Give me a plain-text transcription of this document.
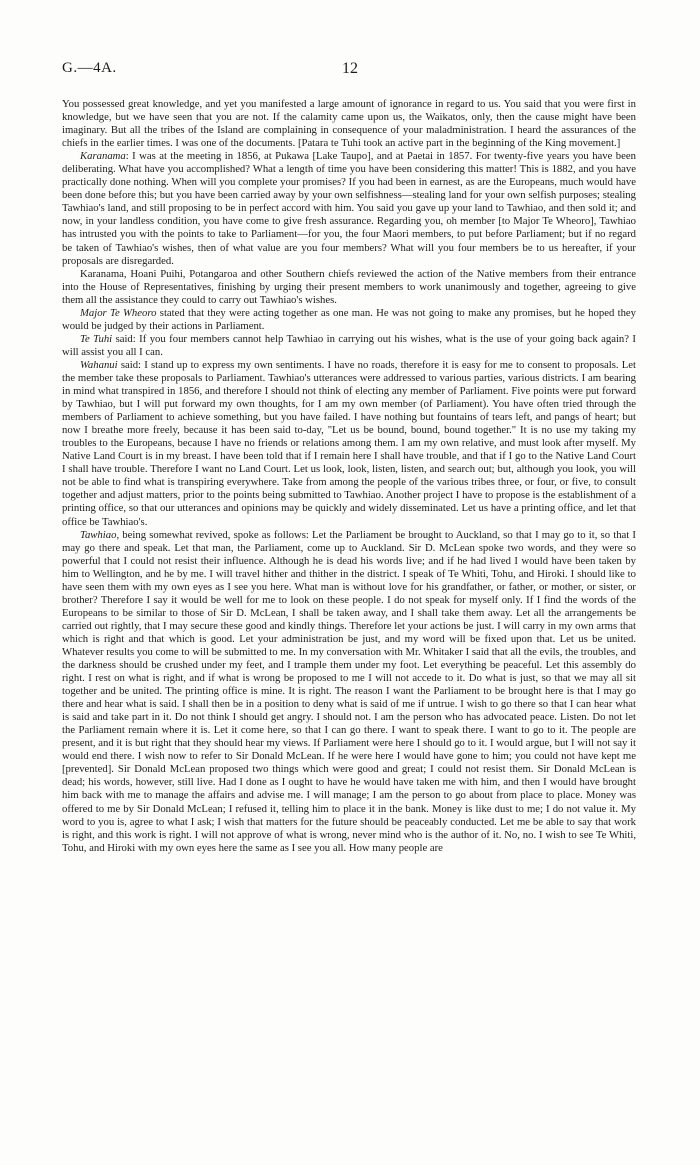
G.—4A.	12

You possessed great knowledge, and yet you manifested a large amount of ignorance in regard to us. You said that you were first in knowledge, but we have seen that you are not. If the calamity came upon us, the Waikatos, only, then the cause might have been imaginary. But all the tribes of the Island are complaining in consequence of your maladministration. I heard the assurances of the chiefs in the earlier times. I was one of the documents. [Patara te Tuhi took an active part in the beginning of the King movement.]

Karanama: I was at the meeting in 1856, at Pukawa [Lake Taupo], and at Paetai in 1857. For twenty-five years you have been deliberating. What have you accomplished? What a length of time you have been considering this matter! This is 1882, and you have practically done nothing. When will you complete your promises? If you had been in earnest, as are the Europeans, much would have been done before this; but you have been carried away by your own selfishness—stealing land for your own selfish purposes; stealing Tawhiao's land, and still proposing to be in perfect accord with him. You said you gave up your land to Tawhiao, and then sold it; and now, in your landless condition, you have come to give fresh assurance. Regarding you, oh member [to Major Te Wheoro], Tawhiao has intrusted you with the points to take to Parliament—for you, the four Maori members, to put before Parliament; but if no regard be taken of Tawhiao's wishes, then of what value are you four members? What will you four members be to us hereafter, if your proposals are disregarded.

Karanama, Hoani Puihi, Potangaroa and other Southern chiefs reviewed the action of the Native members from their entrance into the House of Representatives, finishing by urging their present members to work unanimously and together, agreeing to give them all the assistance they could to carry out Tawhiao's wishes.

Major Te Wheoro stated that they were acting together as one man. He was not going to make any promises, but he hoped they would be judged by their actions in Parliament.

Te Tuhi said: If you four members cannot help Tawhiao in carrying out his wishes, what is the use of your going back again? I will assist you all I can.

Wahanui said: I stand up to express my own sentiments. I have no roads, therefore it is easy for me to consent to proposals. Let the member take these proposals to Parliament. Tawhiao's utterances were addressed to various parties, various districts. I am bearing in mind what transpired in 1856, and therefore I should not think of electing any member of Parliament. Five points were put forward by Tawhiao, but I will put forward my own thoughts, for I am my own member (of Parliament). You have often tried through the members of Parliament to achieve something, but you have failed. I have nothing but fountains of tears left, and pangs of heart; but now I breathe more freely, because it has been said to-day, "Let us be bound, bound, bound together." It is no use my taking my troubles to the Europeans, because I have no friends or relations among them. I am my own relative, and must look after myself. My Native Land Court is in my breast. I have been told that if I remain here I shall have trouble, and that if I go to the Native Land Court I shall have trouble. Therefore I want no Land Court. Let us look, look, listen, listen, and search out; but, although you look, you will not be able to find what is transpiring everywhere. Take from among the people of the various tribes three, or four, or five, to consult together and adjust matters, prior to the points being submitted to Tawhiao. Another project I have to propose is the establishment of a printing office, so that our utterances and opinions may be quickly and widely disseminated. Let us have a printing office, and let that office be Tawhiao's.

Tawhiao, being somewhat revived, spoke as follows: Let the Parliament be brought to Auckland, so that I may go to it, so that I may go there and speak. Let that man, the Parliament, come up to Auckland. Sir D. McLean spoke two words, and they were so powerful that I could not resist their influence. Although he is dead his words live; and if he had lived I would have been taken by him to Wellington, and he by me. I will travel hither and thither in the district. I speak of Te Whiti, Tohu, and Hiroki. I should like to have seen them with my own eyes as I see you here. What man is without love for his grandfather, or father, or mother, or sister, or brother? Therefore I say it would be well for me to look on these people. I do not speak for myself only. If I find the words of the Europeans to be similar to those of Sir D. McLean, I shall be taken away, and I shall take them away. Let all the arrangements be carried out rightly, that I may secure these good and kindly things. Therefore let your actions be just. I will carry in my own arms that which is right and that which is good. Let your administration be just, and my word will be fixed upon that. Let us be united. Whatever results you come to will be submitted to me. In my conversation with Mr. Whitaker I said that all the evils, the troubles, and the darkness should be crushed under my feet, and I trample them under my foot. Let everything be peaceful. Let this assembly do right. I rest on what is right, and if what is wrong be proposed to me I will not accede to it. Do what is just, so that we may all sit together and be united. The printing office is mine. It is right. The reason I want the Parliament to be brought here is that I may go there and hear what is said. I shall then be in a position to deny what is said of me if untrue. I wish to go there so that I can hear what is said and take part in it. Do not think I should get angry. I should not. I am the person who has advocated peace. Listen. Do not let the Parliament remain where it is. Let it come here, so that I can go there. I want to speak there. I want to go to it. The people are present, and it is but right that they should hear my views. If Parliament were here I should go to it. I would argue, but I will not say it would end there. I wish now to refer to Sir Donald McLean. If he were here I would have gone to him; you could not have kept me [prevented]. Sir Donald McLean proposed two things which were good and great; I could not resist them. Sir Donald McLean is dead; his words, however, still live. Had I done as I ought to have he would have taken me with him, and then I would have brought him back with me to manage the affairs and advise me. I will manage; I am the person to go about from place to place. Money was offered to me by Sir Donald McLean; I refused it, telling him to place it in the bank. Money is like dust to me; I do not value it. My word to you is, agree to what I ask; I wish that matters for the future should be peaceably conducted. Let me be able to say that work is right, and this work is right. I will not approve of what is wrong, never mind who is the author of it. No, no. I wish to see Te Whiti, Tohu, and Hiroki with my own eyes here the same as I see you all. How many people are
